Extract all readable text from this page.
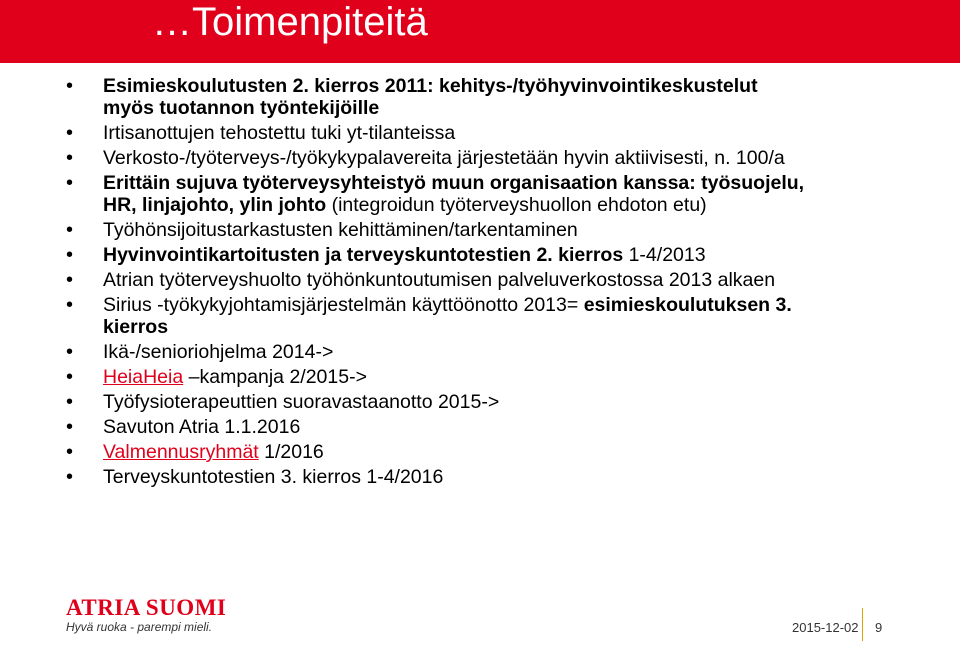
…Toimenpiteitä
• Esimieskoulutusten 2. kierros 2011: kehitys-/työhyvinvointikeskustelut myös tuotannon työntekijöille
• Irtisanottujen tehostettu tuki yt-tilanteissa
• Verkosto-/työterveys-/työkykypalavereita järjestetään hyvin aktiivisesti, n. 100/a
• Erittäin sujuva työterveysyhteistyö muun organisaation kanssa: työsuojelu, HR, linjajohto, ylin johto (integroidun työterveyshuollon ehdoton etu)
• Työhönsijoitustarkastusten kehittäminen/tarkentaminen
• Hyvinvointikartoitusten ja terveyskuntotestien 2. kierros 1-4/2013
• Atrian työterveyshuolto työhönkuntoutumisen palveluverkostossa 2013 alkaen
• Sirius -työkykyjohtamisjärjestelmän käyttöönotto 2013= esimieskoulutuksen 3. kierros
• Ikä-/senioriohjelma 2014->
• HeiaHeia –kampanja 2/2015->
• Työfysioterapeuttien suoravastaanotto 2015->
• Savuton Atria 1.1.2016
• Valmennusryhmät 1/2016
• Terveyskuntotestien 3. kierros 1-4/2016
ATRIA SUOMI
Hyvä ruoka - parempi mieli.	2015-12-02 9
